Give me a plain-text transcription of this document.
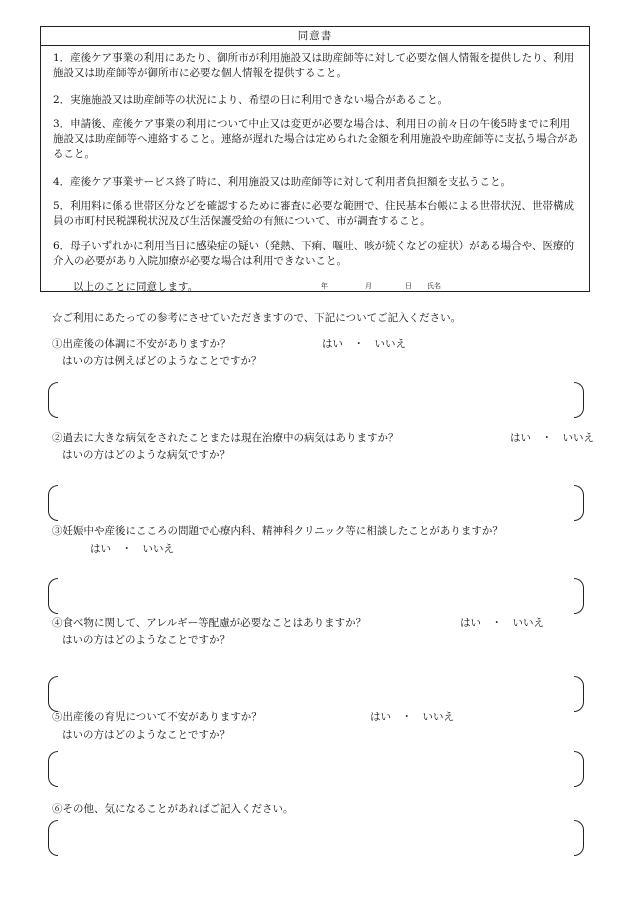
同意書
1．産後ケア事業の利用にあたり、御所市が利用施設又は助産師等に対して必要な個人情報を提供したり、利用施設又は助産師等が御所市に必要な個人情報を提供すること。
2．実施施設又は助産師等の状況により、希望の日に利用できない場合があること。
3．申請後、産後ケア事業の利用について中止又は変更が必要な場合は、利用日の前々日の午後5時までに利用施設又は助産師等へ連絡すること。連絡が遅れた場合は定められた金額を利用施設や助産師等に支払う場合があること。
4．産後ケア事業サービス終了時に、利用施設又は助産師等に対して利用者負担額を支払うこと。
5．利用料に係る世帯区分などを確認するために審査に必要な範囲で、住民基本台帳による世帯状況、世帯構成員の市町村民税課税状況及び生活保護受給の有無について、市が調査すること。
6．母子いずれかに利用当日に感染症の疑い（発熱、下痢、嘔吐、咳が続くなどの症状）がある場合や、医療的介入の必要があり入院加療が必要な場合は利用できないこと。
以上のことに同意します。	年	月	日 氏名
☆ご利用にあたっての参考にさせていただきますので、下記についてご記入ください。
①出産後の体調に不安がありますか？	はい　・　いいえ
はいの方は例えばどのようなことですか？
②過去に大きな病気をされたことまたは現在治療中の病気はありますか？	はい　・　いいえ
はいの方はどのような病気ですか？
③妊娠中や産後にこころの問題で心療内科、精神科クリニック等に相談したことがありますか？
はい　・　いいえ
④食べ物に関して、アレルギー等配慮が必要なことはありますか？	はい　・　いいえ
はいの方はどのようなことですか？
⑤出産後の育児について不安がありますか？	はい　・　いいえ
はいの方はどのようなことですか？
⑥その他、気になることがあればご記入ください。
